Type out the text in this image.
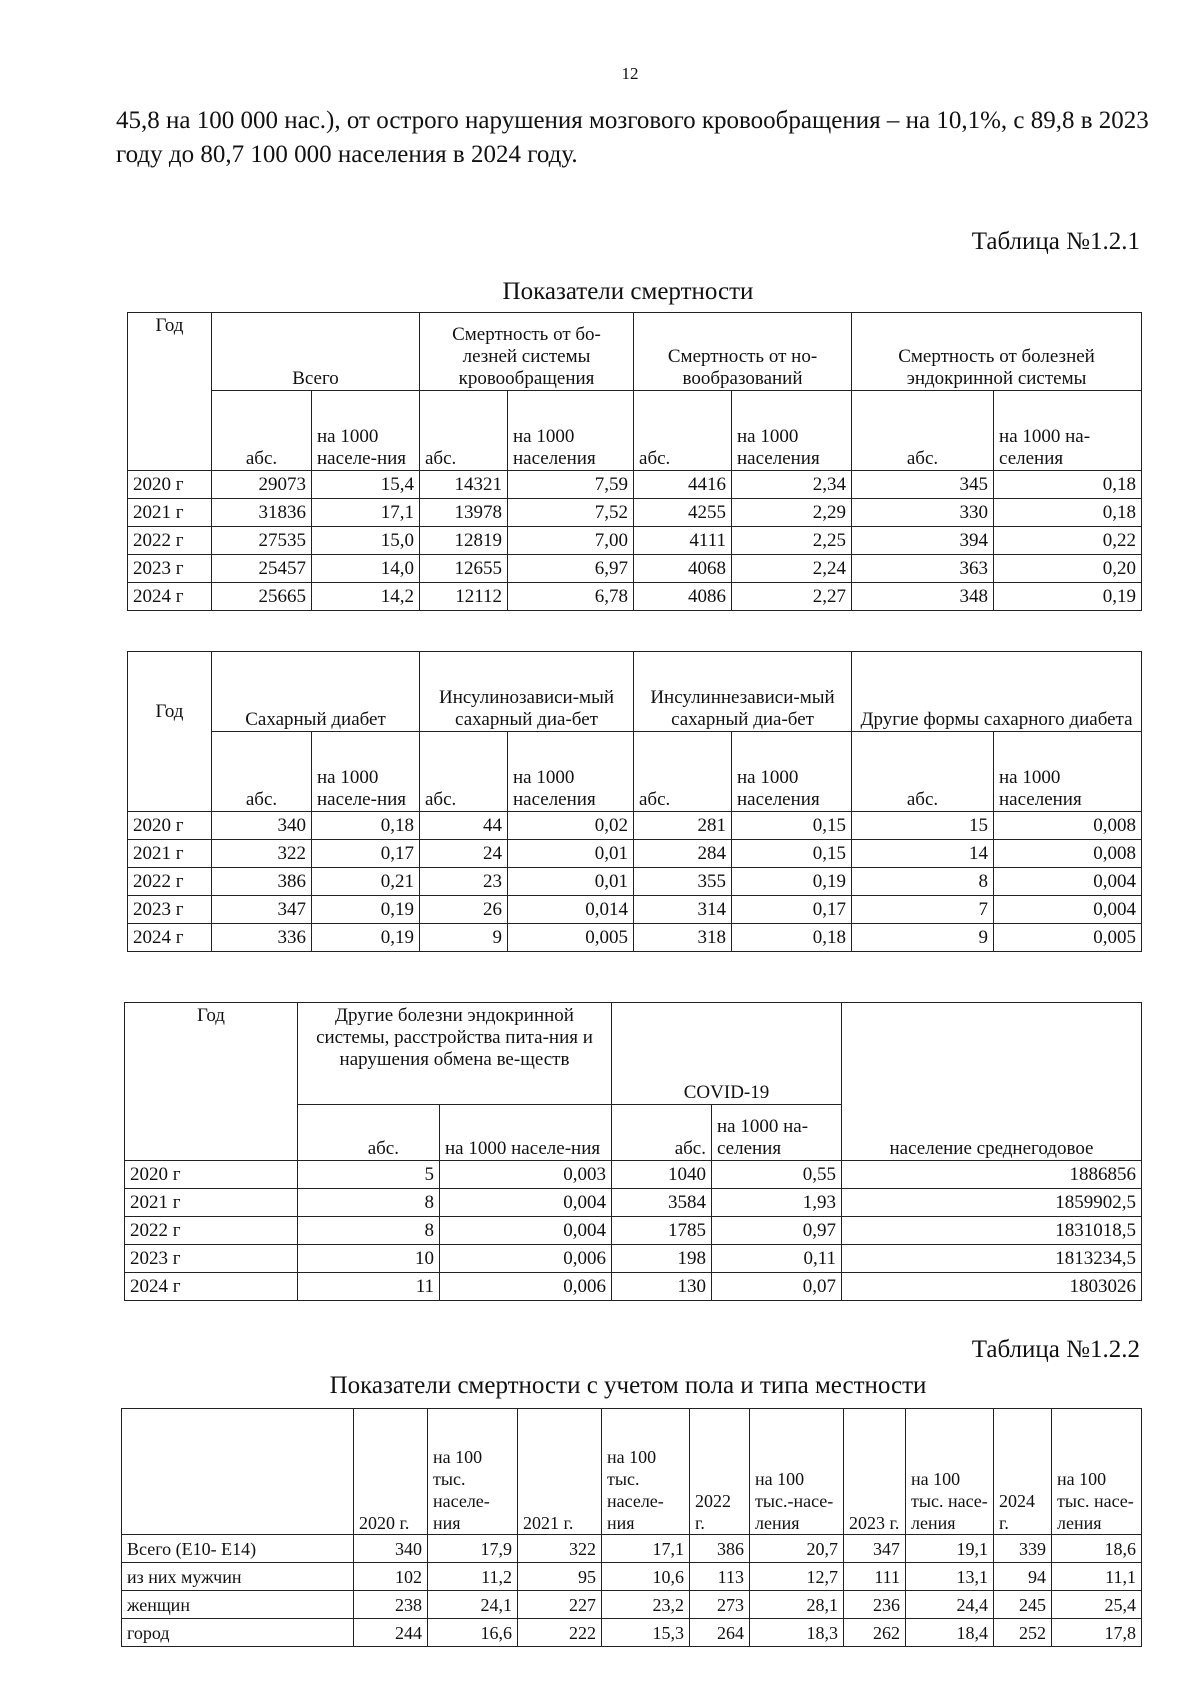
12

45,8 на 100 000 нас.), от острого нарушения мозгового кровообращения – на 10,1%, с 89,8 в 2023 году до 80,7 100 000 населения в 2024 году.

Таблица №1.2.1
Показатели смертности
Год	Всего		Смертность от бо-лезней системы кровообращения		Смертность от но-вообразований		Смертность от болезней эндокринной системы	
	абс.	на 1000 населе-ния	абс.	на 1000 населения	абс.	на 1000 населения	абс.	на 1000 на-селения
2020 г	29073	15,4	14321	7,59	4416	2,34	345	0,18
2021 г	31836	17,1	13978	7,52	4255	2,29	330	0,18
2022 г	27535	15,0	12819	7,00	4111	2,25	394	0,22
2023 г	25457	14,0	12655	6,97	4068	2,24	363	0,20
2024 г	25665	14,2	12112	6,78	4086	2,27	348	0,19
Год	Сахарный диабет		Инсулинозависи-мый сахарный диа-бет		Инсулиннезависи-мый сахарный диа-бет		Другие формы сахарного диабета	
	абс.	на 1000 населе-ния	абс.	на 1000 населения	абс.	на 1000 населения	абс.	на 1000 населения
2020 г	340	0,18	44	0,02	281	0,15	15	0,008
2021 г	322	0,17	24	0,01	284	0,15	14	0,008
2022 г	386	0,21	23	0,01	355	0,19	8	0,004
2023 г	347	0,19	26	0,014	314	0,17	7	0,004
2024 г	336	0,19	9	0,005	318	0,18	9	0,005
Год	Другие болезни эндокринной системы, расстройства пита-ния и нарушения обмена ве-ществ		COVID-19		население среднегодовое
	абс.	на 1000 населе-ния	абс.	на 1000 на-селения	
2020 г	5	0,003	1040	0,55	1886856
2021 г	8	0,004	3584	1,93	1859902,5
2022 г	8	0,004	1785	0,97	1831018,5
2023 г	10	0,006	198	0,11	1813234,5
2024 г	11	0,006	130	0,07	1803026
Таблица №1.2.2
Показатели смертности с учетом пола и типа местности
	2020 г.	на 100 тыс. населе-ния	2021 г.	на 100 тыс. населе-ния	2022 г.	на 100 тыс.-насе-ления	2023 г.	на 100 тыс. насе-ления	2024 г.	на 100 тыс. насе-ления
Всего (Е10- Е14)	340	17,9	322	17,1	386	20,7	347	19,1	339	18,6
из них мужчин	102	11,2	95	10,6	113	12,7	111	13,1	94	11,1
женщин	238	24,1	227	23,2	273	28,1	236	24,4	245	25,4
город	244	16,6	222	15,3	264	18,3	262	18,4	252	17,8
